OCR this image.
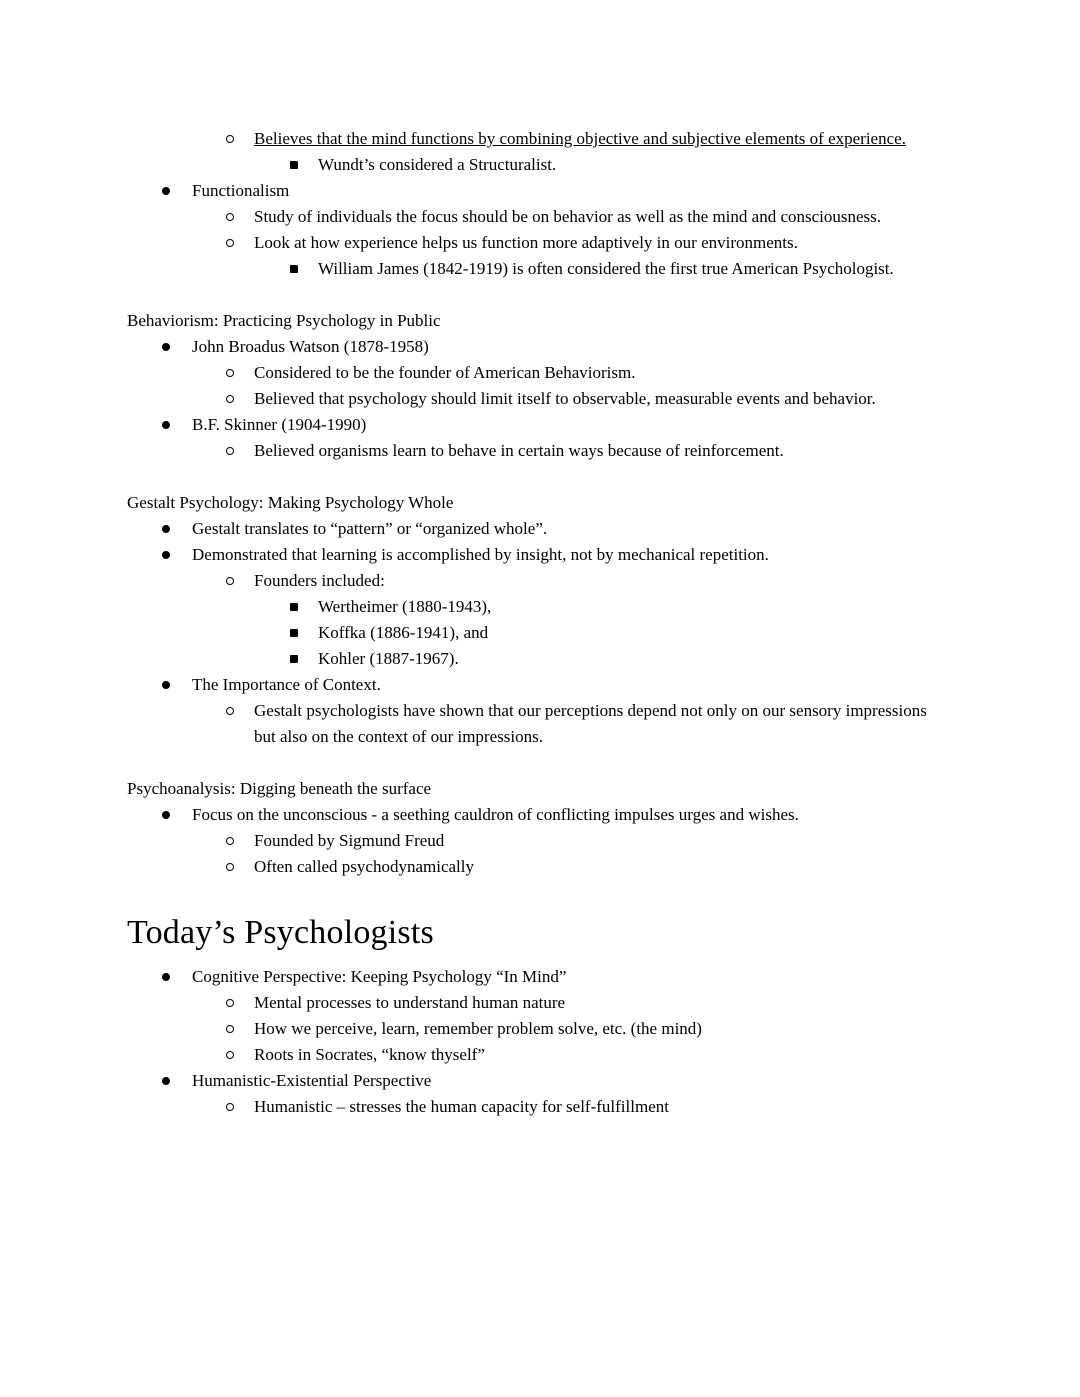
Believes that the mind functions by combining objective and subjective elements of experience.
Wundt’s considered a Structuralist.
Functionalism
Study of individuals the focus should be on behavior as well as the mind and consciousness.
Look at how experience helps us function more adaptively in our environments.
William James (1842-1919) is often considered the first true American Psychologist.

Behaviorism: Practicing Psychology in Public

John Broadus Watson (1878-1958)
Considered to be the founder of American Behaviorism.
Believed that psychology should limit itself to observable, measurable events and behavior.
B.F. Skinner (1904-1990)
Believed organisms learn to behave in certain ways because of reinforcement.

Gestalt Psychology: Making Psychology Whole

Gestalt translates to “pattern” or “organized whole”.
Demonstrated that learning is accomplished by insight, not by mechanical repetition.
Founders included:
Wertheimer (1880-1943),
Koffka (1886-1941), and
Kohler (1887-1967).
The Importance of Context.
Gestalt psychologists have shown that our perceptions depend not only on our sensory impressions but also on the context of our impressions.

Psychoanalysis: Digging beneath the surface

Focus on the unconscious - a seething cauldron of conflicting impulses urges and wishes.
Founded by Sigmund Freud
Often called psychodynamically
Today’s Psychologists
Cognitive Perspective: Keeping Psychology “In Mind”
Mental processes to understand human nature
How we perceive, learn, remember problem solve, etc. (the mind)
Roots in Socrates, “know thyself”
Humanistic-Existential Perspective
Humanistic – stresses the human capacity for self-fulfillment
